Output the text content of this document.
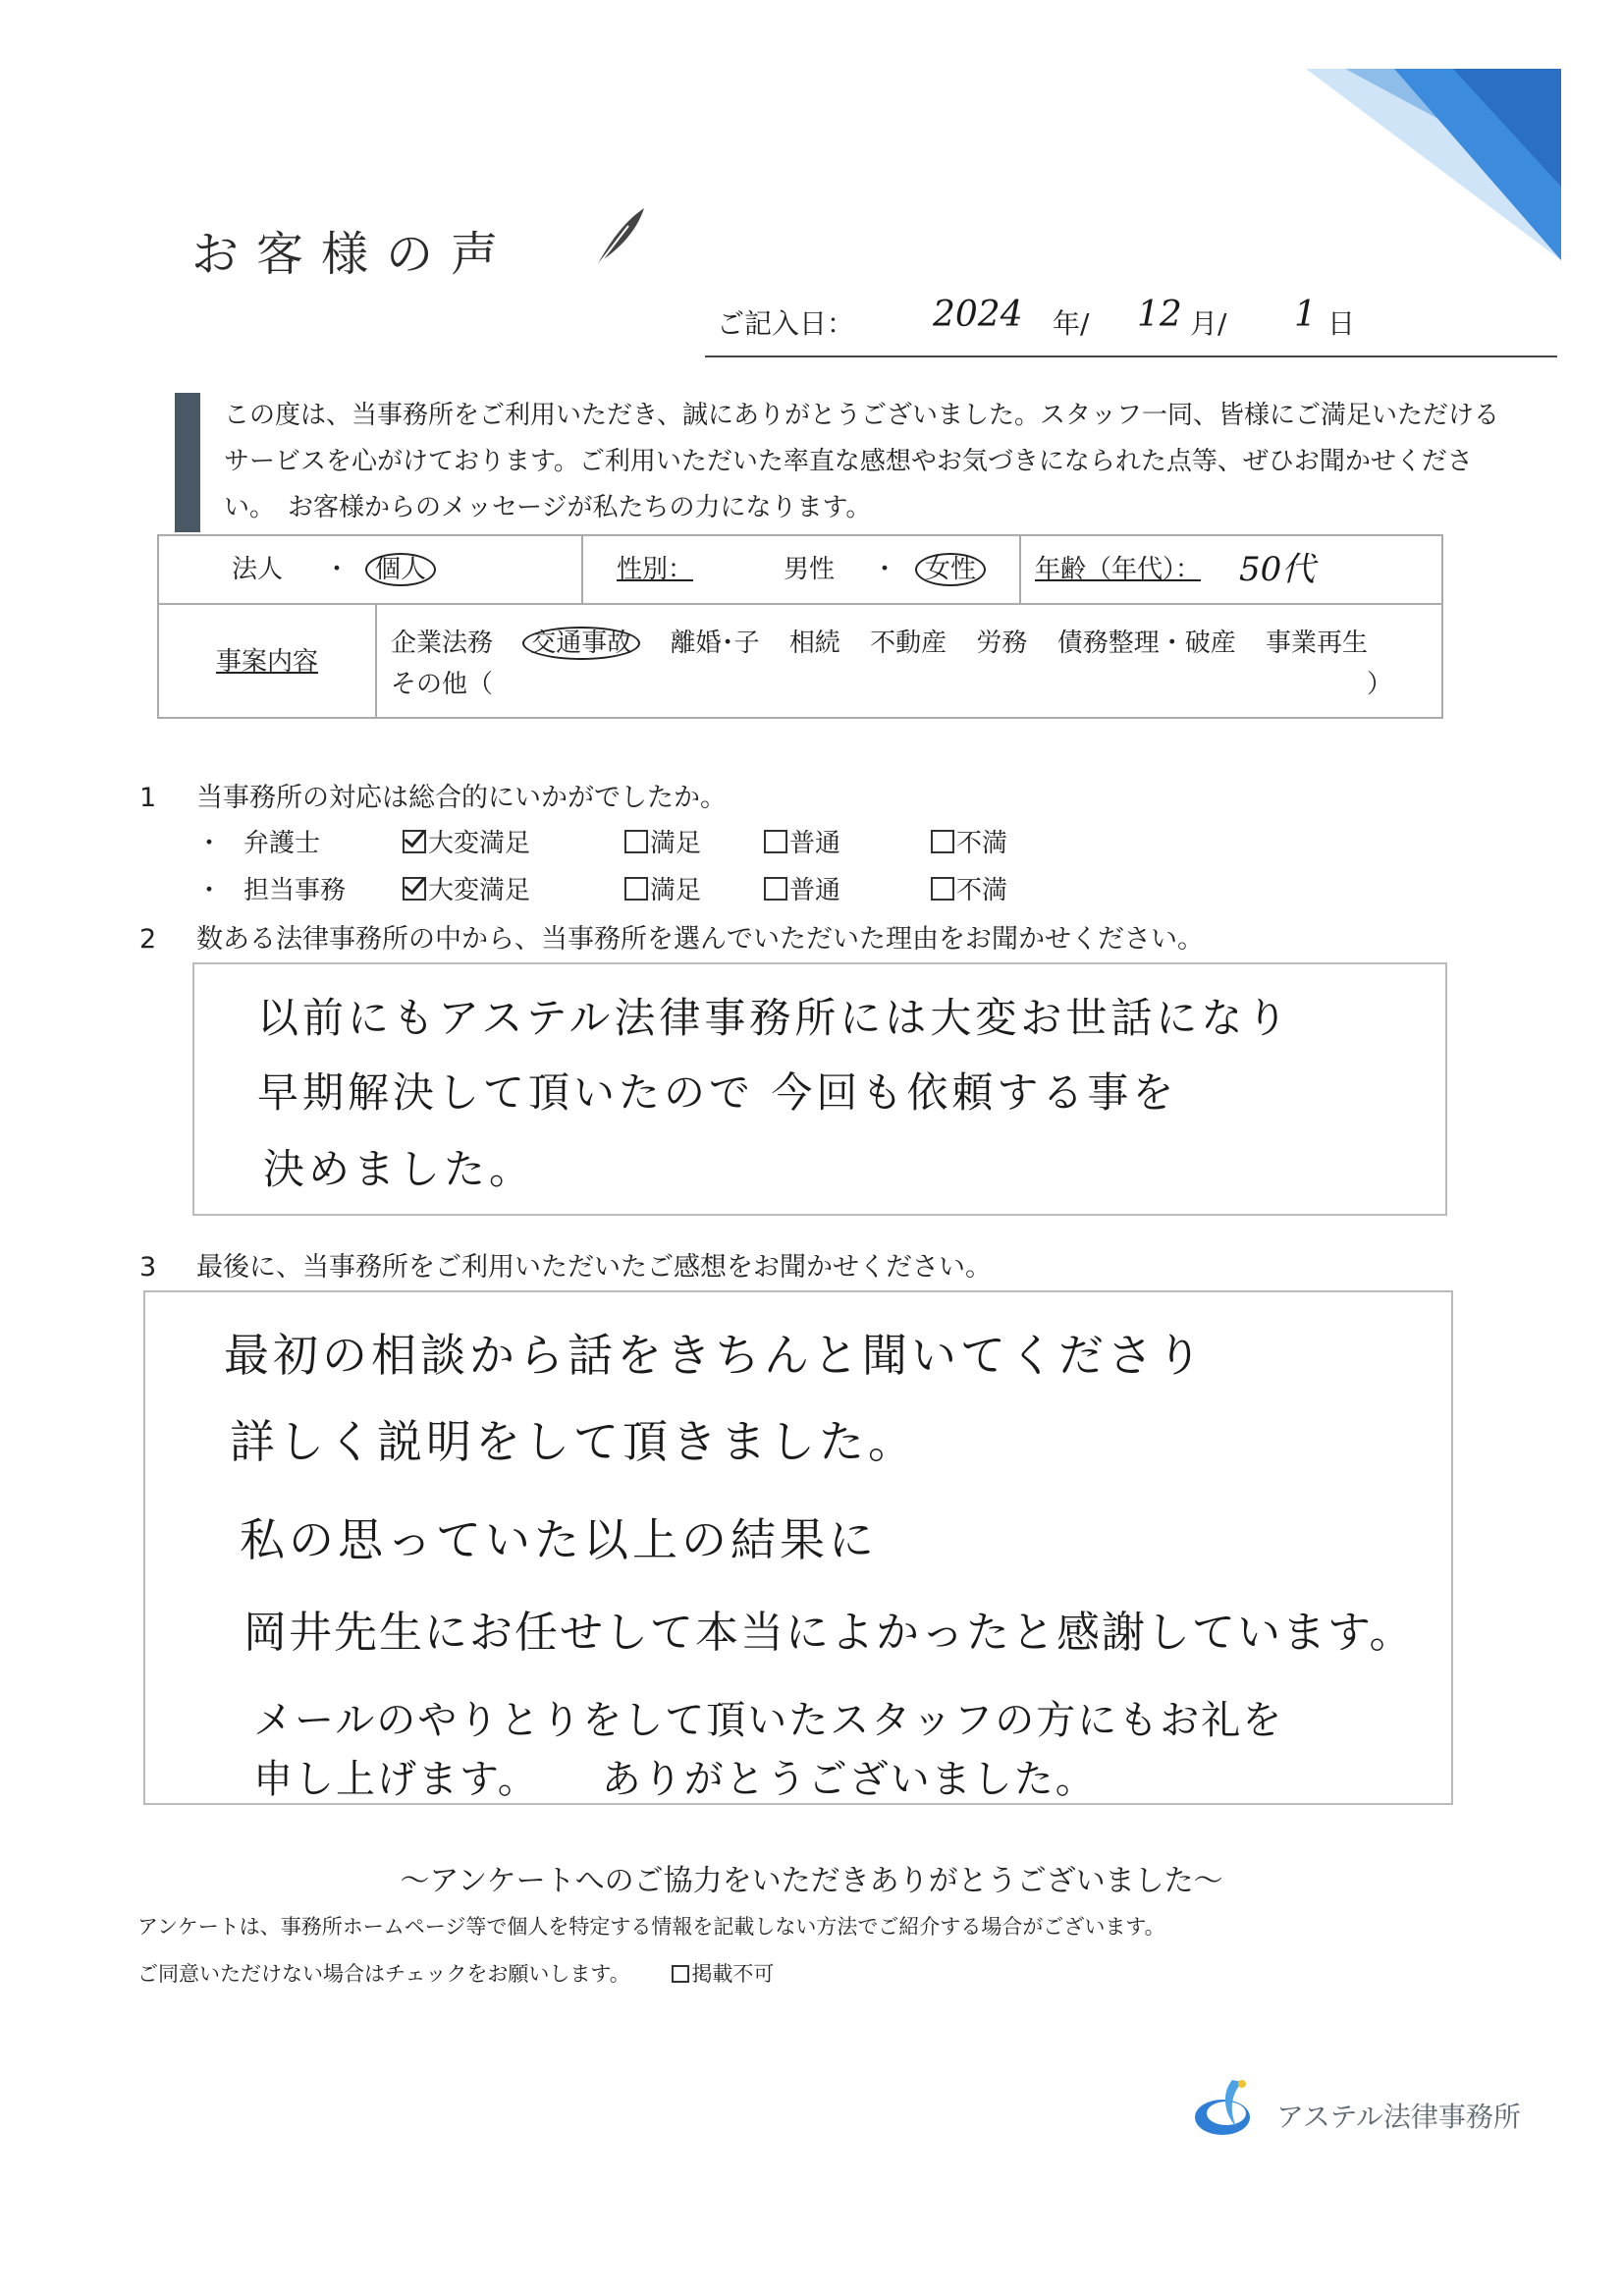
お客様の声
ご記入日： 2024 年/ 12 月/ 1 日
この度は、当事務所をご利用いただき、誠にありがとうございました。スタッフ一同、皆様にご満足いただけるサービスを心がけております。ご利用いただいた率直な感想やお気づきになられた点等、ぜひお聞かせください。　お客様からのメッセージが私たちの力になります。
法人 ・ 個人	性別：	男性 ・	女性	年齢（年代）： 50代
事案内容
企業法務 交通事故 離婚･子 相続 不動産 労務 債務整理・破産 事業再生
その他（	）
1 当事務所の対応は総合的にいかがでしたか。
・ 弁護士	大変満足	満足	普通	不満
・ 担当事務	大変満足	満足	普通	不満
2 数ある法律事務所の中から、当事務所を選んでいただいた理由をお聞かせください。
以前にもアステル法律事務所には大変お世話になり
早期解決して頂いたので 今回も依頼する事を
決めました。
3 最後に、当事務所をご利用いただいたご感想をお聞かせください。
最初の相談から話をきちんと聞いてくださり
詳しく説明をして頂きました。
私の思っていた以上の結果に
岡井先生にお任せして本当によかったと感謝しています。
メールのやりとりをして頂いたスタッフの方にもお礼を
申し上げます。　　ありがとうございました。
〜アンケートへのご協力をいただきありがとうございました〜
アンケートは、事務所ホームページ等で個人を特定する情報を記載しない方法でご紹介する場合がございます。
ご同意いただけない場合はチェックをお願いします。	掲載不可
アステル法律事務所
